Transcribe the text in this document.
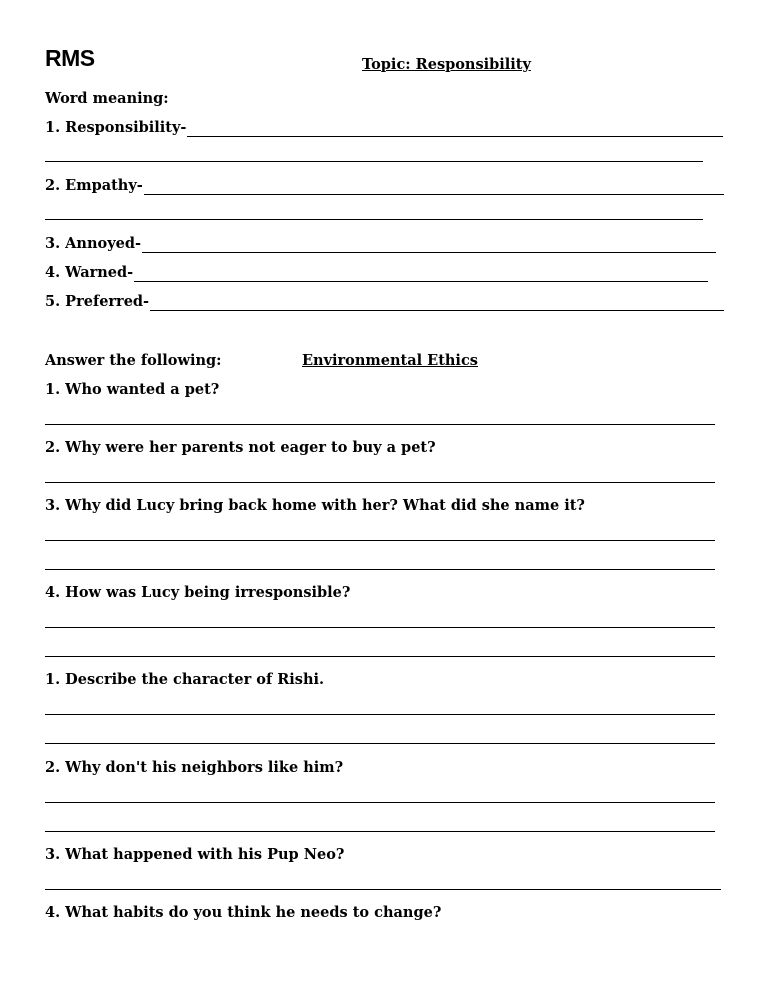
RMS	Topic: Responsibility
Word meaning:
1. Responsibility-
2. Empathy-
3. Annoyed-
4. Warned-
5. Preferred-
Answer the following:	Environmental Ethics
1. Who wanted a pet?
2. Why were her parents not eager to buy a pet?
3. Why did Lucy bring back home with her? What did she name it?
4. How was Lucy being irresponsible?
1. Describe the character of Rishi.
2. Why don't his neighbors like him?
3. What happened with his Pup Neo?
4. What habits do you think he needs to change?
